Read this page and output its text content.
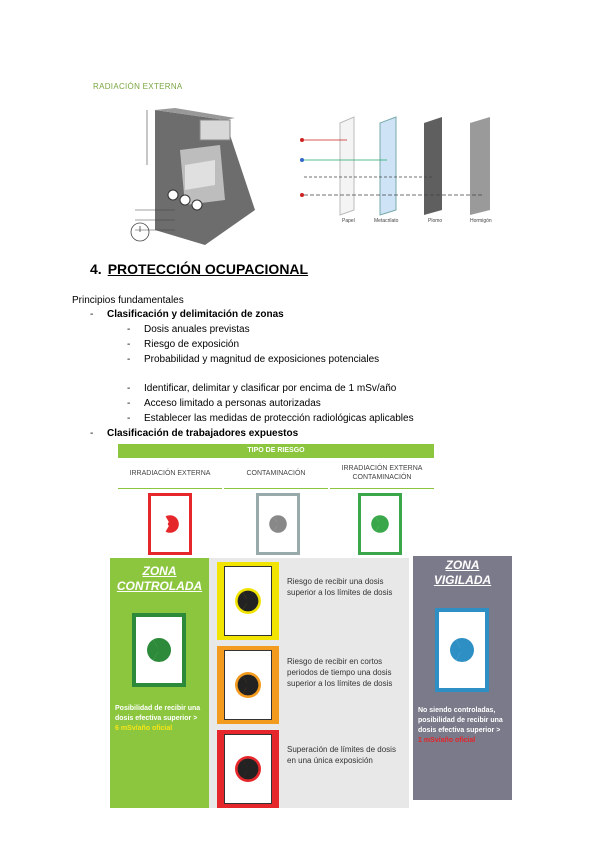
RADIACIÓN EXTERNA
Papel	Metacrilato	Plomo	Hormigón
4. PROTECCIÓN OCUPACIONAL
Principios fundamentales
- Clasificación y delimitación de zonas
- Dosis anuales previstas
- Riesgo de exposición
- Probabilidad y magnitud de exposiciones potenciales
- Identificar, delimitar y clasificar por encima de 1 mSv/año
- Acceso limitado a personas autorizadas
- Establecer las medidas de protección radiológicas aplicables
- Clasificación de trabajadores expuestos
TIPO DE RIESGO
IRRADIACIÓN EXTERNA	CONTAMINACIÓN
IRRADIACIÓN EXTERNA CONTAMINACIÓN
ZONA
CONTROLADA
Posibilidad de recibir una dosis efectiva superior >
6 mSv/año oficial
Riesgo de recibir una dosis superior a los límites de dosis
Riesgo de recibir en cortos periodos de tiempo una dosis superior a los límites de dosis
Superación de límites de dosis en una única exposición
ZONA
VIGILADA
No siendo controladas, posibilidad de recibir una dosis efectiva superior >
1 mSv/año oficial
